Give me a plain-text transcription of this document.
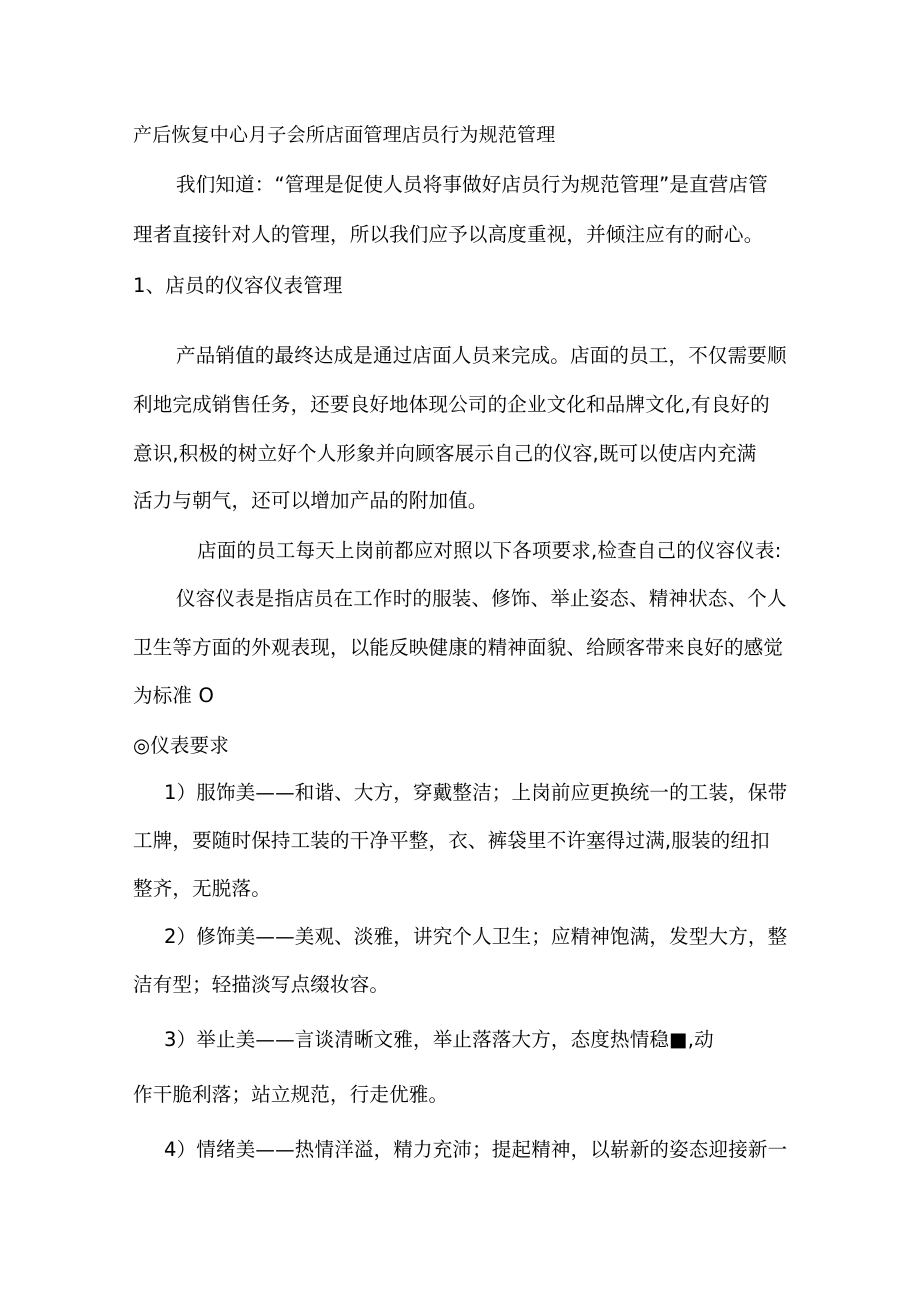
产后恢复中心月子会所店面管理店员行为规范管理
我们知道：“管理是促使人员将事做好店员行为规范管理”是直营店管
理者直接针对人的管理，所以我们应予以高度重视，并倾注应有的耐心。
1、店员的仪容仪表管理
产品销值的最终达成是通过店面人员来完成。店面的员工，不仅需要顺
利地完成销售任务，还要良好地体现公司的企业文化和品牌文化,有良好的
意识,积极的树立好个人形象并向顾客展示自己的仪容,既可以使店内充满
活力与朝气，还可以增加产品的附加值。
店面的员工每天上岗前都应对照以下各项要求,检查自己的仪容仪表:
仪容仪表是指店员在工作时的服装、修饰、举止姿态、精神状态、个人
卫生等方面的外观表现，以能反映健康的精神面貌、给顾客带来良好的感觉
为标准 O
◎仪表要求
1）服饰美——和谐、大方，穿戴整洁；上岗前应更换统一的工装，保带
工牌，要随时保持工装的干净平整，衣、裤袋里不许塞得过满,服装的纽扣
整齐，无脱落。
2）修饰美——美观、淡雅，讲究个人卫生；应精神饱满，发型大方，整
洁有型；轻描淡写点缀妆容。
3）举止美——言谈清晰文雅，举止落落大方，态度热情稳■,动
作干脆利落；站立规范，行走优雅。
4）情绪美——热情洋溢，精力充沛；提起精神，以崭新的姿态迎接新一
